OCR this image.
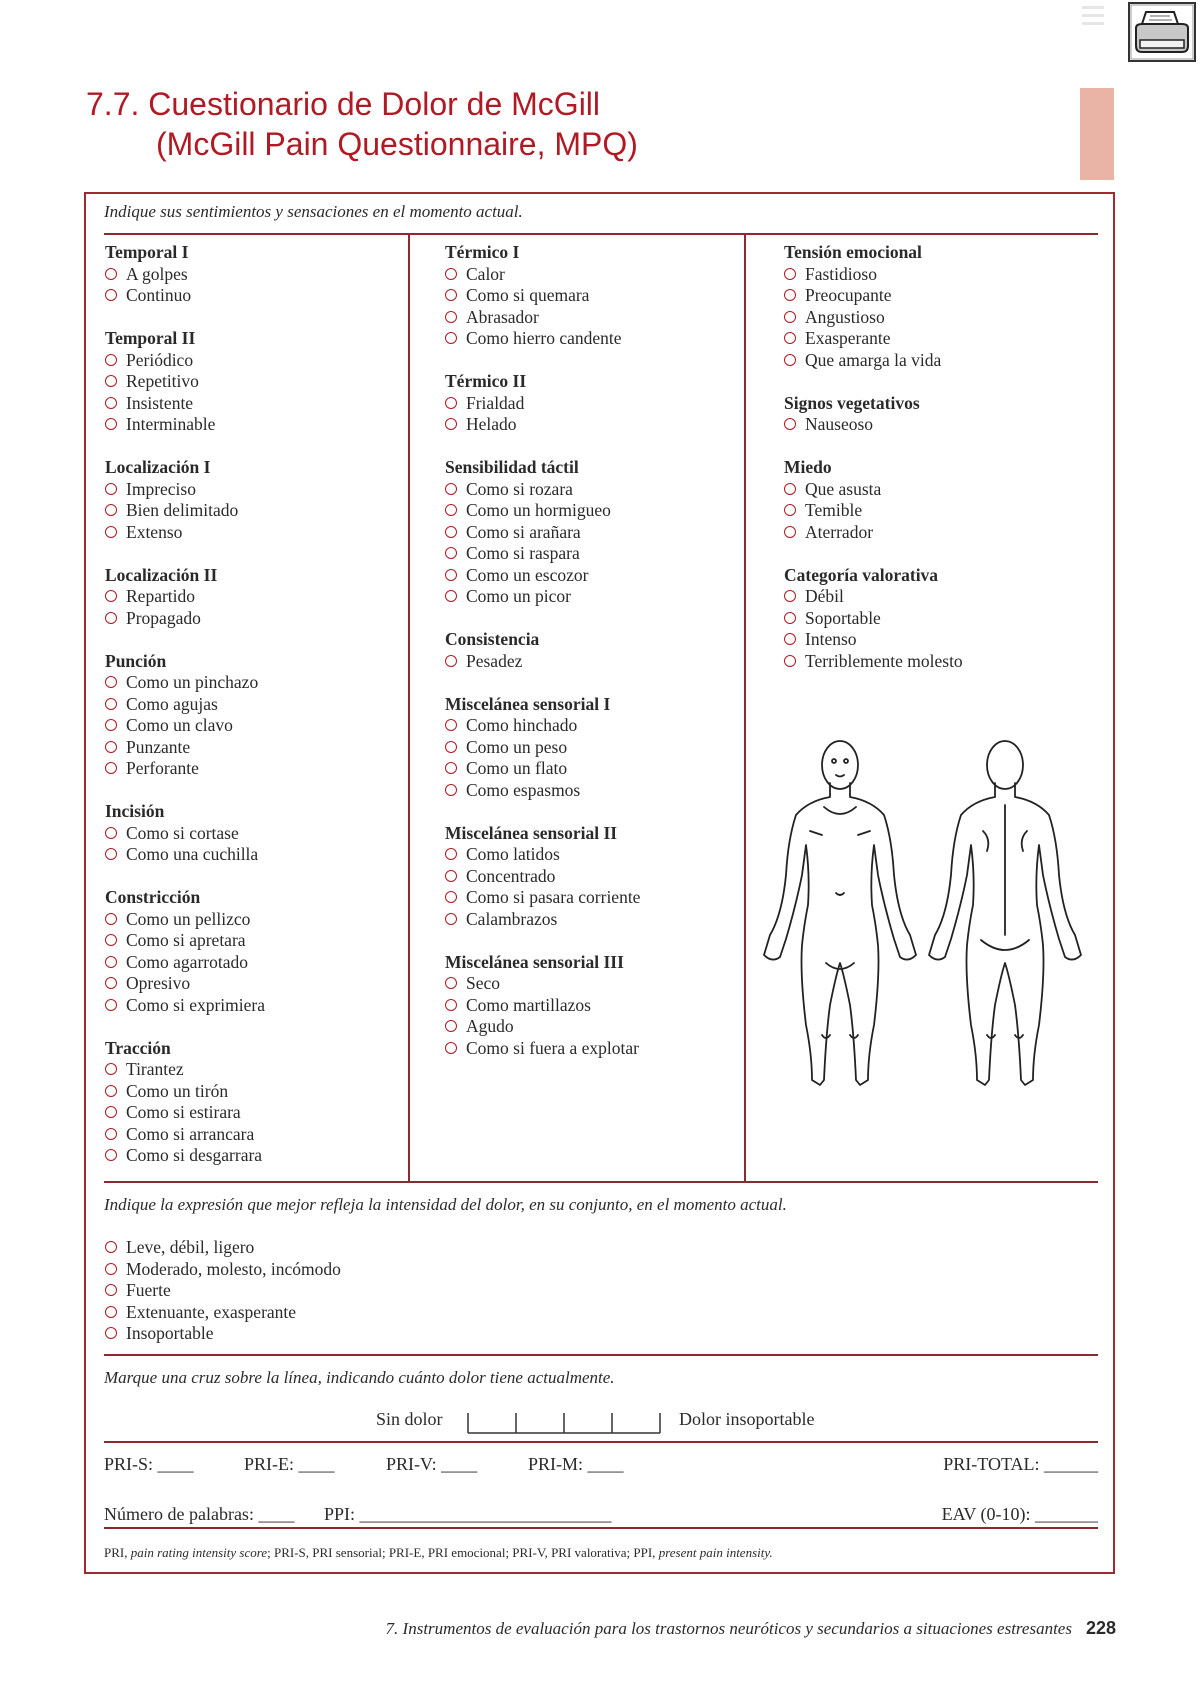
7.7. Cuestionario de Dolor de McGill
(McGill Pain Questionnaire, MPQ)
Indique sus sentimientos y sensaciones en el momento actual.
Temporal I
A golpes
Continuo
Temporal II
Periódico
Repetitivo
Insistente
Interminable
Localización I
Impreciso
Bien delimitado
Extenso
Localización II
Repartido
Propagado
Punción
Como un pinchazo
Como agujas
Como un clavo
Punzante
Perforante
Incisión
Como si cortase
Como una cuchilla
Constricción
Como un pellizco
Como si apretara
Como agarrotado
Opresivo
Como si exprimiera
Tracción
Tirantez
Como un tirón
Como si estirara
Como si arrancara
Como si desgarrara
Térmico I
Calor
Como si quemara
Abrasador
Como hierro candente
Térmico II
Frialdad
Helado
Sensibilidad táctil
Como si rozara
Como un hormigueo
Como si arañara
Como si raspara
Como un escozor
Como un picor
Consistencia
Pesadez
Miscelánea sensorial I
Como hinchado
Como un peso
Como un flato
Como espasmos
Miscelánea sensorial II
Como latidos
Concentrado
Como si pasara corriente
Calambrazos
Miscelánea sensorial III
Seco
Como martillazos
Agudo
Como si fuera a explotar
Tensión emocional
Fastidioso
Preocupante
Angustioso
Exasperante
Que amarga la vida
Signos vegetativos
Nauseoso
Miedo
Que asusta
Temible
Aterrador
Categoría valorativa
Débil
Soportable
Intenso
Terriblemente molesto
Indique la expresión que mejor refleja la intensidad del dolor, en su conjunto, en el momento actual.
Leve, débil, ligero
Moderado, molesto, incómodo
Fuerte
Extenuante, exasperante
Insoportable
Marque una cruz sobre la línea, indicando cuánto dolor tiene actualmente.
Sin dolor	Dolor insoportable
PRI-S: ____	PRI-E: ____	PRI-V: ____	PRI-M: ____	PRI-TOTAL: ______
Número de palabras: ____ PPI: ____________________________	EAV (0-10): _______
PRI, pain rating intensity score; PRI-S, PRI sensorial; PRI-E, PRI emocional; PRI-V, PRI valorativa; PPI, present pain intensity.
7. Instrumentos de evaluación para los trastornos neuróticos y secundarios a situaciones estresantes 228
